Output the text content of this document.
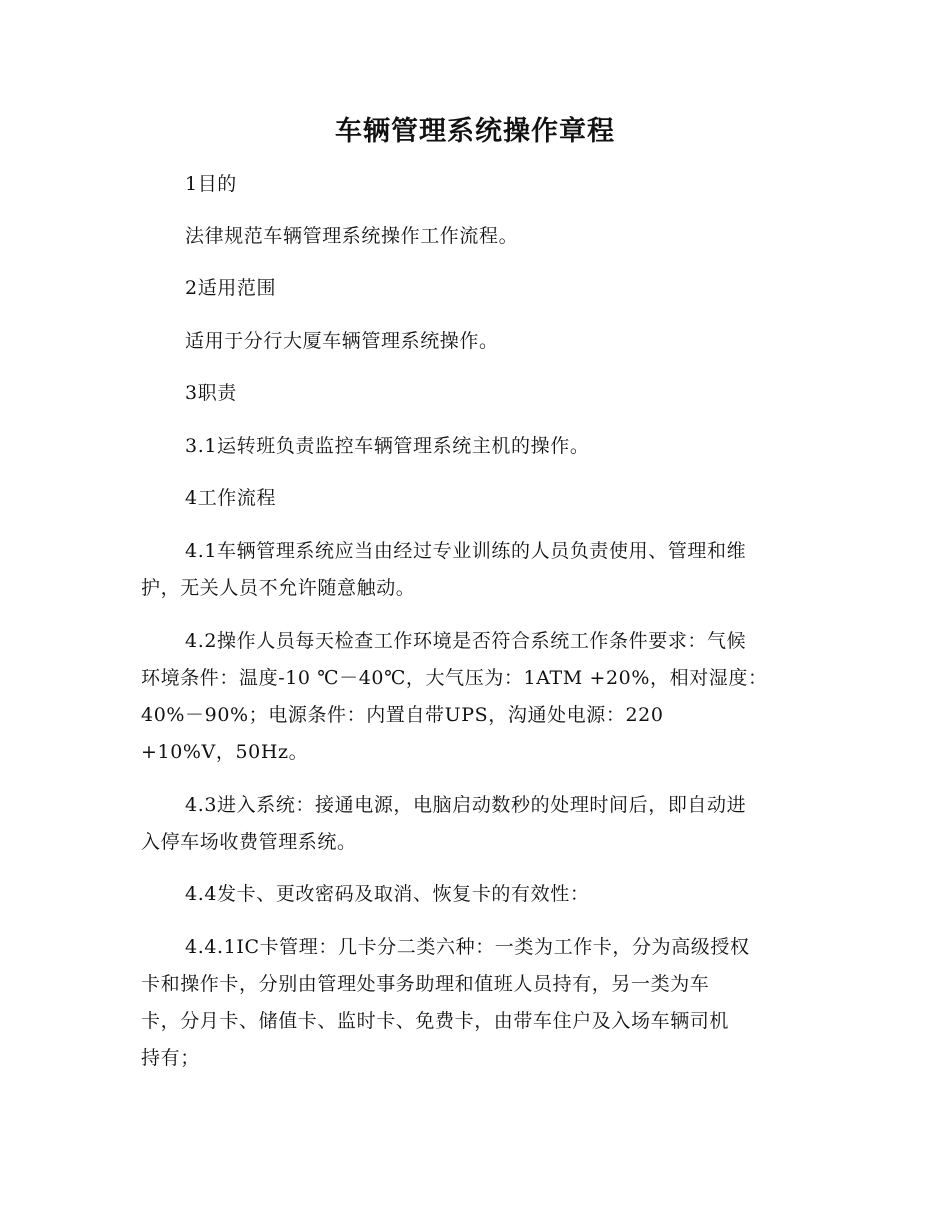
车辆管理系统操作章程

1目的

法律规范车辆管理系统操作工作流程。

2适用范围

适用于分行大厦车辆管理系统操作。

3职责

3.1运转班负责监控车辆管理系统主机的操作。

4工作流程

4.1车辆管理系统应当由经过专业训练的人员负责使用、管理和维

护，无关人员不允许随意触动。

4.2操作人员每天检查工作环境是否符合系统工作条件要求：气候

环境条件：温度-10 ℃－40℃，大气压为：1ATM +20%，相对湿度：

40%－90%；电源条件：内置自带UPS，沟通处电源：220

+10%V，50Hz。

4.3进入系统：接通电源，电脑启动数秒的处理时间后，即自动进

入停车场收费管理系统。

4.4发卡、更改密码及取消、恢复卡的有效性：

4.4.1IC卡管理：几卡分二类六种：一类为工作卡，分为高级授权

卡和操作卡，分别由管理处事务助理和值班人员持有，另一类为车

卡，分月卡、储值卡、监时卡、免费卡，由带车住户及入场车辆司机

持有；
